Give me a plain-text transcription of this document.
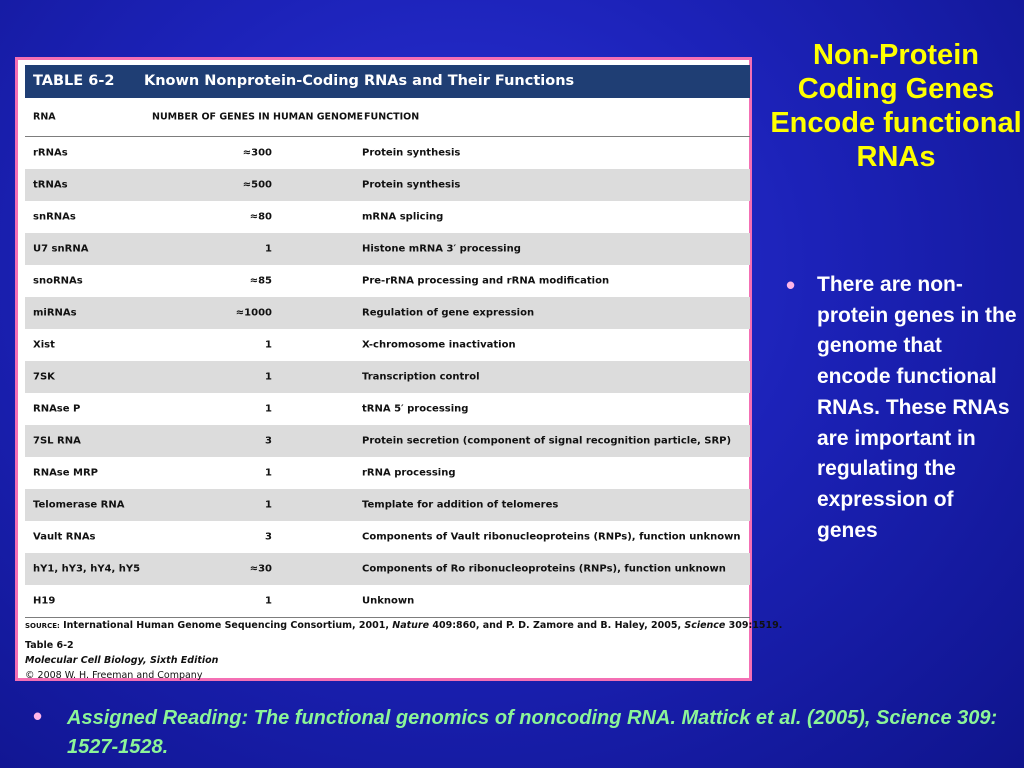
TABLE 6-2 Known Nonprotein-Coding RNAs and Their Functions
RNA	NUMBER OF GENES IN HUMAN GENOME FUNCTION
rRNAs	≈300	Protein synthesis
tRNAs	≈500	Protein synthesis
snRNAs	≈80	mRNA splicing
U7 snRNA	1	Histone mRNA 3′ processing
snoRNAs	≈85	Pre-rRNA processing and rRNA modification
miRNAs	≈1000	Regulation of gene expression
Xist	1	X-chromosome inactivation
7SK	1	Transcription control
RNAse P	1	tRNA 5′ processing
7SL RNA	3	Protein secretion (component of signal recognition particle, SRP)
RNAse MRP	1	rRNA processing
Telomerase RNA	1	Template for addition of telomeres
Vault RNAs	3	Components of Vault ribonucleoproteins (RNPs), function unknown
hY1, hY3, hY4, hY5	≈30	Components of Ro ribonucleoproteins (RNPs), function unknown
H19	1	Unknown
SOURCE: International Human Genome Sequencing Consortium, 2001, Nature 409:860, and P. D. Zamore and B. Haley, 2005, Science 309:1519.
Table 6-2
Molecular Cell Biology, Sixth Edition
© 2008 W. H. Freeman and Company
Non-Protein Coding Genes Encode functional RNAs
• There are non-protein genes in the genome that encode functional RNAs. These RNAs are important in regulating the expression of genes
• Assigned Reading: The functional genomics of noncoding RNA. Mattick et al. (2005), Science 309: 1527-1528.
